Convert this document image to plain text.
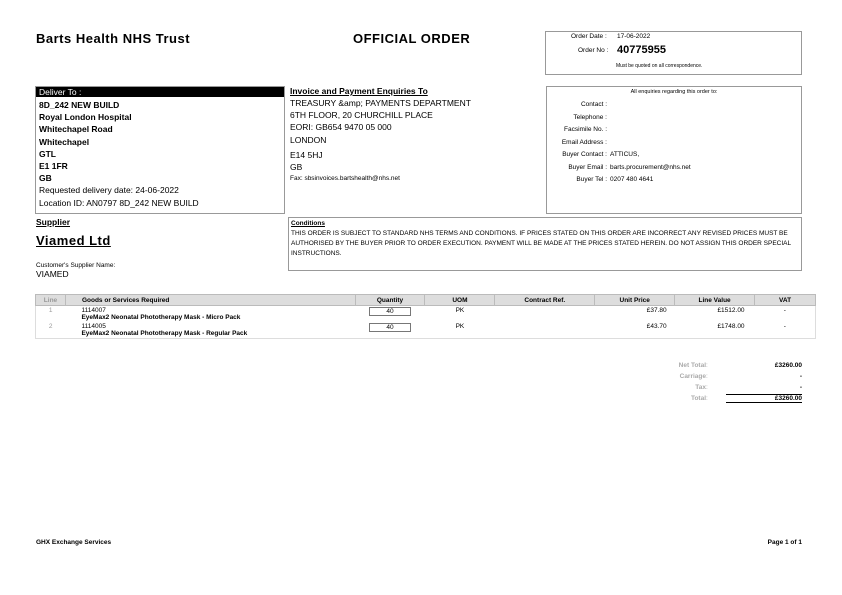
Barts Health NHS Trust	OFFICIAL ORDER	Order Date : 17-06-2022
Order No : 40775955
Must be quoted on all correspondence.
Deliver To :
8D_242 NEW BUILD
Royal London Hospital
Whitechapel Road
Whitechapel
GTL
E1 1FR
GB
Requested delivery date: 24-06-2022
Location ID: AN0797 8D_242 NEW BUILD
Invoice and Payment Enquiries To
TREASURY &amp; PAYMENTS DEPARTMENT
6TH FLOOR, 20 CHURCHILL PLACE
EORI: GB654 9470 05 000
LONDON
E14 5HJ
GB
Fax: sbsinvoices.bartshealth@nhs.net
All enquiries regarding this order to:
Contact :
Telephone :
Facsimile No. :
Email Address :
Buyer Contact : ATTICUS,
Buyer Email : barts.procurement@nhs.net
Buyer Tel : 0207 480 4641
Supplier
Viamed Ltd
Customer's Supplier Name:
VIAMED
Conditions
THIS ORDER IS SUBJECT TO STANDARD NHS TERMS AND CONDITIONS. IF PRICES STATED ON THIS ORDER ARE INCORRECT ANY REVISED PRICES MUST BE AUTHORISED BY THE BUYER PRIOR TO ORDER EXECUTION. PAYMENT WILL BE MADE AT THE PRICES STATED HEREIN. DO NOT ASSIGN THIS ORDER SPECIAL INSTRUCTIONS.
Line	Goods or Services Required	Quantity	UOM	Contract Ref.	Unit Price	Line Value	VAT
1	1114007
EyeMax2 Neonatal Phototherapy Mask - Micro Pack	40	PK		£37.80	£1512.00	-
2	1114005
EyeMax2 Neonatal Phototherapy Mask - Regular Pack	40	PK		£43.70	£1748.00	-
Net Total :	£3260.00
Carriage :	-
Tax :	-
Total :	£3260.00
GHX Exchange Services	Page 1 of 1
